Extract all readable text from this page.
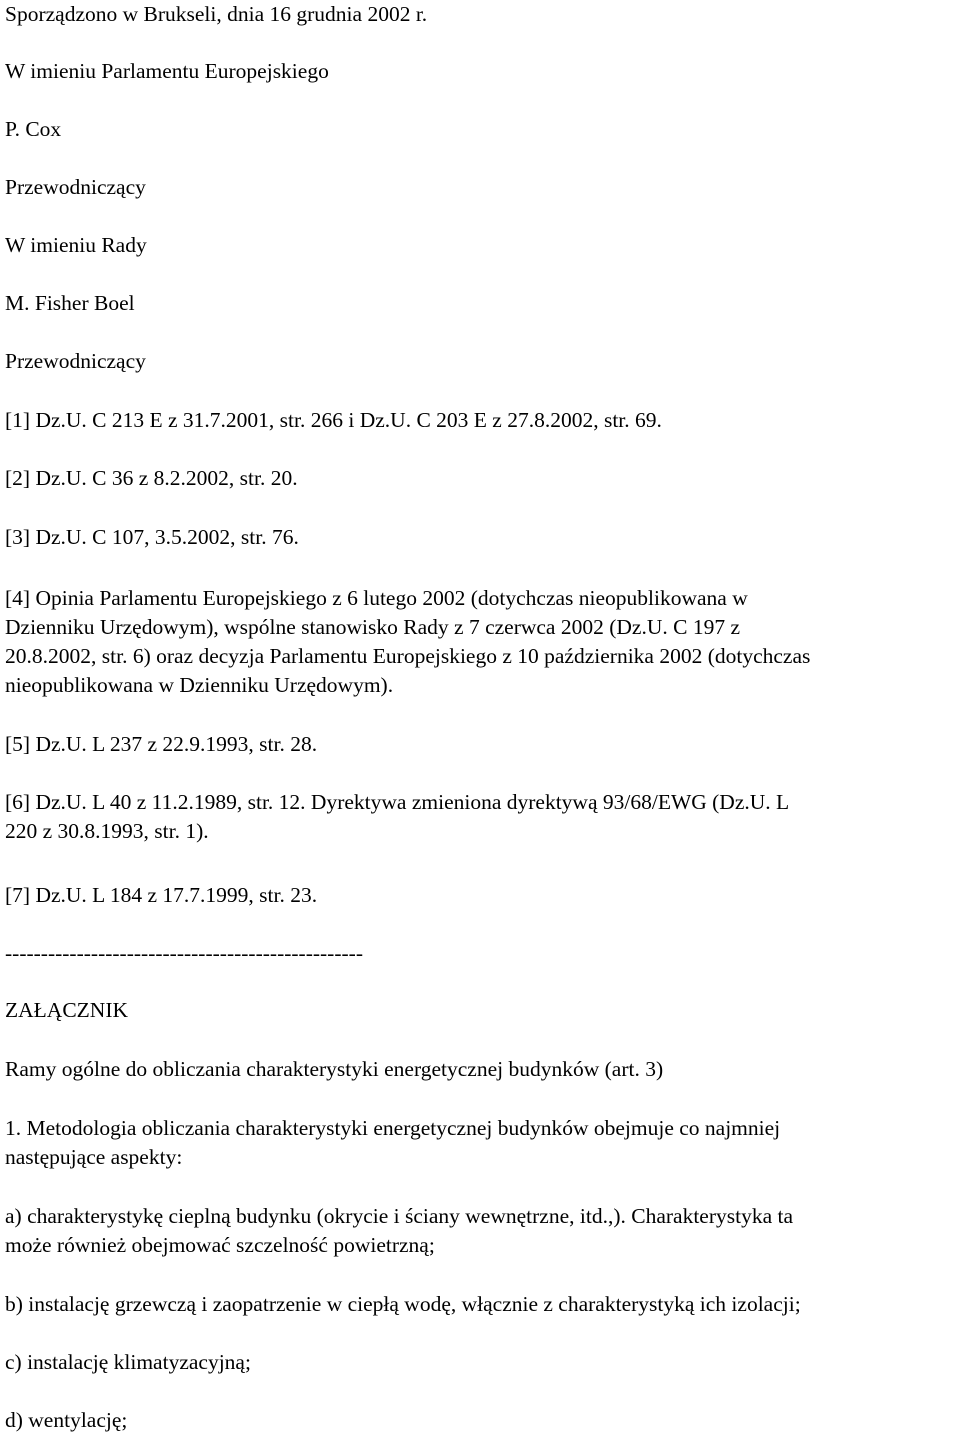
Sporządzono w Brukseli, dnia 16 grudnia 2002 r.

W imieniu Parlamentu Europejskiego

P. Cox

Przewodniczący

W imieniu Rady

M. Fisher Boel

Przewodniczący

[1] Dz.U. C 213 E z 31.7.2001, str. 266 i Dz.U. C 203 E z 27.8.2002, str. 69.

[2] Dz.U. C 36 z 8.2.2002, str. 20.

[3] Dz.U. C 107, 3.5.2002, str. 76.

[4] Opinia Parlamentu Europejskiego z 6 lutego 2002 (dotychczas nieopublikowana w
Dzienniku Urzędowym), wspólne stanowisko Rady z 7 czerwca 2002 (Dz.U. C 197 z
20.8.2002, str. 6) oraz decyzja Parlamentu Europejskiego z 10 października 2002 (dotychczas
nieopublikowana w Dzienniku Urzędowym).

[5] Dz.U. L 237 z 22.9.1993, str. 28.

[6] Dz.U. L 40 z 11.2.1989, str. 12. Dyrektywa zmieniona dyrektywą 93/68/EWG (Dz.U. L
220 z 30.8.1993, str. 1).

[7] Dz.U. L 184 z 17.7.1999, str. 23.

--------------------------------------------------

ZAŁĄCZNIK

Ramy ogólne do obliczania charakterystyki energetycznej budynków (art. 3)

1. Metodologia obliczania charakterystyki energetycznej budynków obejmuje co najmniej
następujące aspekty:
a) charakterystykę cieplną budynku (okrycie i ściany wewnętrzne, itd.,). Charakterystyka ta
może również obejmować szczelność powietrzną;

b) instalację grzewczą i zaopatrzenie w ciepłą wodę, włącznie z charakterystyką ich izolacji;

c) instalację klimatyzacyjną;

d) wentylację;
